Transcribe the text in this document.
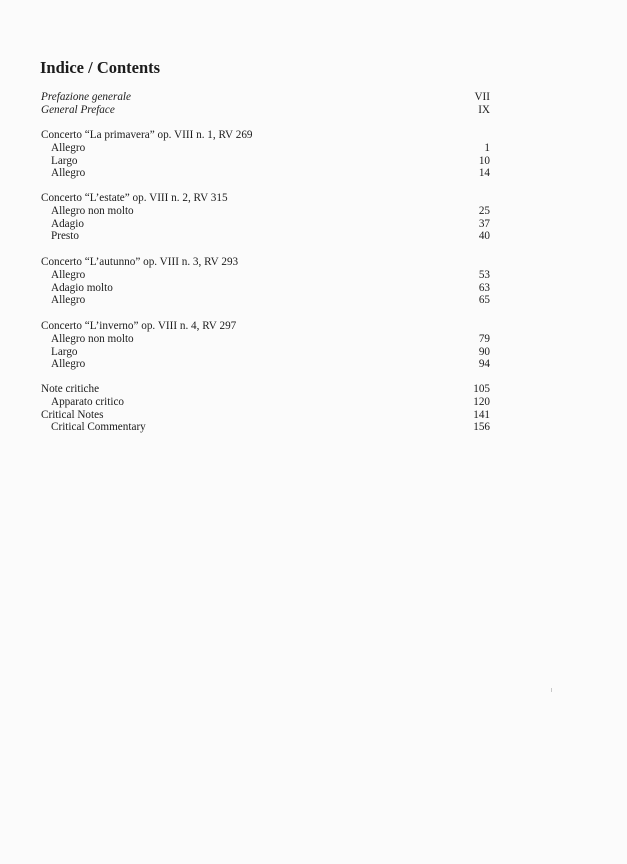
Indice / Contents
Prefazione generale	VII
General Preface	IX
Concerto “La primavera” op. VIII n. 1, RV 269
Allegro	1
Largo	10
Allegro	14
Concerto “L’estate” op. VIII n. 2, RV 315
Allegro non molto	25
Adagio	37
Presto	40
Concerto “L’autunno” op. VIII n. 3, RV 293
Allegro	53
Adagio molto	63
Allegro	65
Concerto “L’inverno” op. VIII n. 4, RV 297
Allegro non molto	79
Largo	90
Allegro	94
Note critiche	105
Apparato critico	120
Critical Notes	141
Critical Commentary	156
